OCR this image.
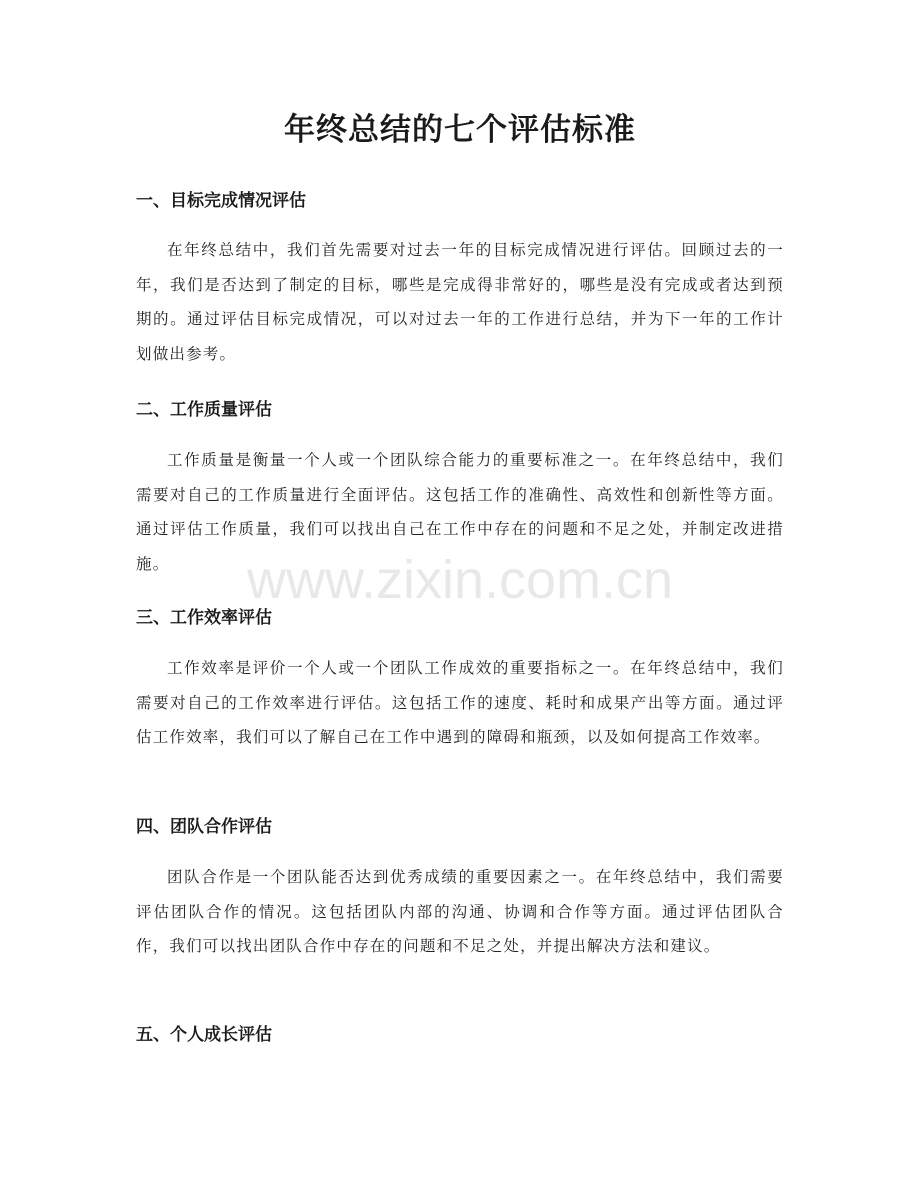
年终总结的七个评估标准
一、目标完成情况评估

在年终总结中，我们首先需要对过去一年的目标完成情况进行评估。回顾过去的一年，我们是否达到了制定的目标，哪些是完成得非常好的，哪些是没有完成或者达到预期的。通过评估目标完成情况，可以对过去一年的工作进行总结，并为下一年的工作计划做出参考。

二、工作质量评估

工作质量是衡量一个人或一个团队综合能力的重要标准之一。在年终总结中，我们需要对自己的工作质量进行全面评估。这包括工作的准确性、高效性和创新性等方面。通过评估工作质量，我们可以找出自己在工作中存在的问题和不足之处，并制定改进措施。

三、工作效率评估

工作效率是评价一个人或一个团队工作成效的重要指标之一。在年终总结中，我们需要对自己的工作效率进行评估。这包括工作的速度、耗时和成果产出等方面。通过评估工作效率，我们可以了解自己在工作中遇到的障碍和瓶颈，以及如何提高工作效率。

四、团队合作评估

团队合作是一个团队能否达到优秀成绩的重要因素之一。在年终总结中，我们需要评估团队合作的情况。这包括团队内部的沟通、协调和合作等方面。通过评估团队合作，我们可以找出团队合作中存在的问题和不足之处，并提出解决方法和建议。

五、个人成长评估
www.zixin.com.cn
